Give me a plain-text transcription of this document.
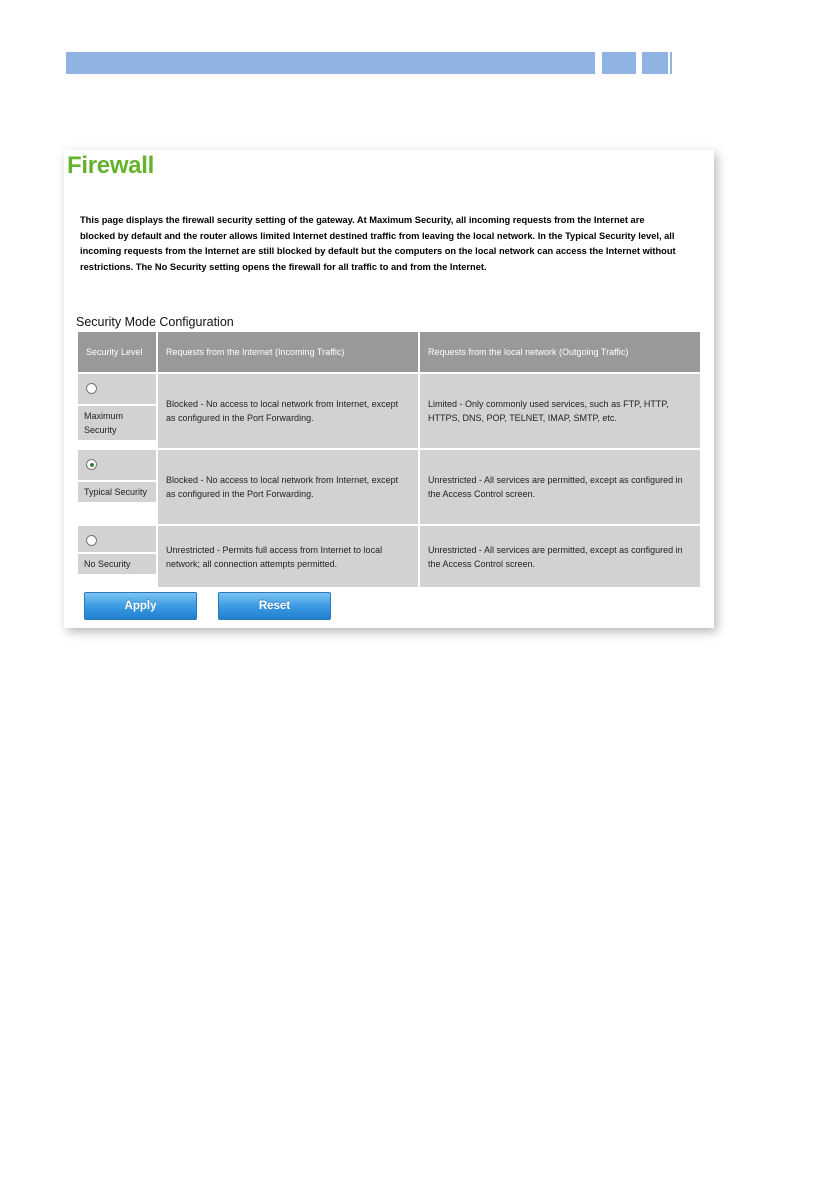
Firewall
This page displays the firewall security setting of the gateway. At Maximum Security, all incoming requests from the Internet are blocked by default and the router allows limited Internet destined traffic from leaving the local network. In the Typical Security level, all incoming requests from the Internet are still blocked by default but the computers on the local network can access the Internet without restrictions. The No Security setting opens the firewall for all traffic to and from the Internet.
Security Mode Configuration
Security Level	Requests from the Internet (Incoming Traffic)	Requests from the local network (Outgoing Traffic)

Maximum Security	Blocked - No access to local network from Internet, except as configured in the Port Forwarding.	Limited - Only commonly used services, such as FTP, HTTP, HTTPS, DNS, POP, TELNET, IMAP, SMTP, etc.

Typical Security	Blocked - No access to local network from Internet, except as configured in the Port Forwarding.	Unrestricted - All services are permitted, except as configured in the Access Control screen.

No Security	Unrestricted - Permits full access from Internet to local network; all connection attempts permitted.	Unrestricted - All services are permitted, except as configured in the Access Control screen.
Apply	Reset
